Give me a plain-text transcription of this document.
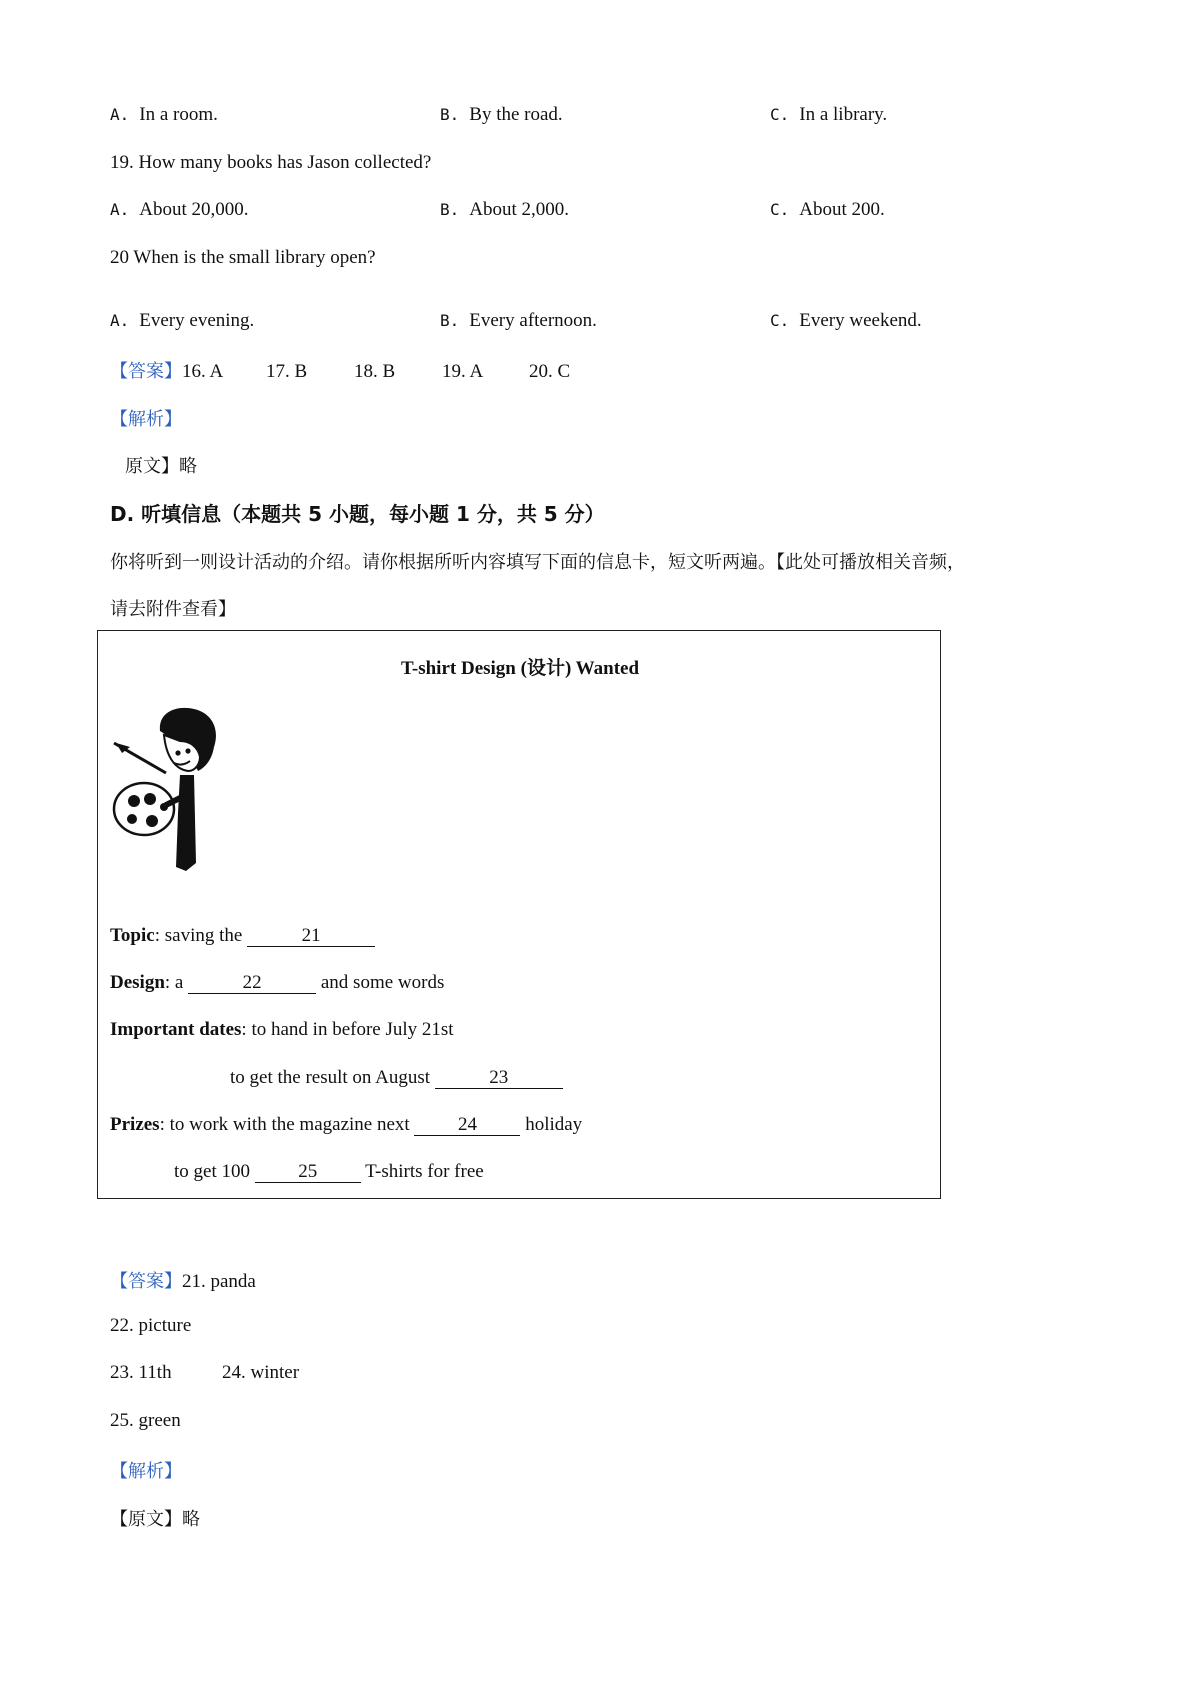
A. In a room.	B. By the road.	C. In a library.
19. How many books has Jason collected?
A. About 20,000.	B. About 2,000.	C. About 200.
20 When is the small library open?
A. Every evening.	B. Every afternoon.	C. Every weekend.
【答案】16. A 17. B 18. B 19. A 20. C
【解析】
原文】略
D. 听填信息（本题共 5 小题，每小题 1 分，共 5 分）
你将听到一则设计活动的介绍。请你根据所听内容填写下面的信息卡，短文听两遍。【此处可播放相关音频，
请去附件查看】
T-shirt Design (设计) Wanted
Topic: saving the	21
Design: a	22	and some words
Important dates: to hand in before July 21st
to get the result on August	23
Prizes: to work with the magazine next 24 holiday
to get 100 25 T-shirts for free
【答案】21. panda
22. picture
23. 11th	24. winter
25. green
【解析】
【原文】略
